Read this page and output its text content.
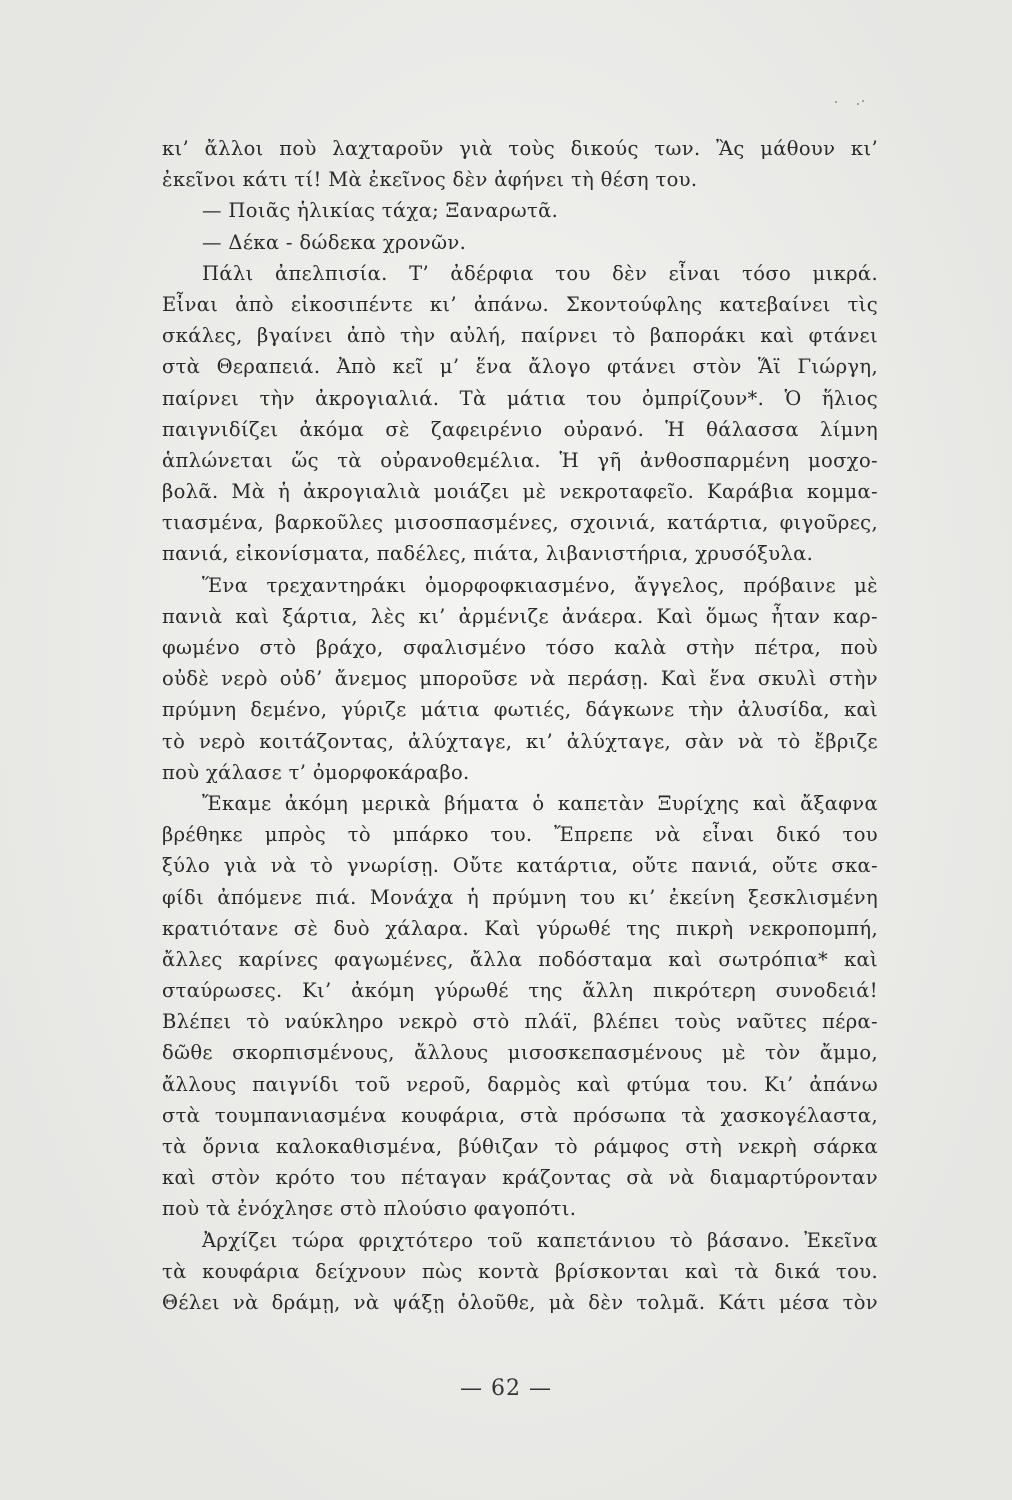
κι’ ἄλλοι ποὺ λαχταροῦν γιὰ τοὺς δικούς των. Ἂς μάθουν κι’
ἐκεῖνοι κάτι τί! Μὰ ἐκεῖνος δὲν ἀφήνει τὴ θέση του.
— Ποιᾶς ἡλικίας τάχα; Ξαναρωτᾶ.
— Δέκα - δώδεκα χρονῶν.
Πάλι ἀπελπισία. Τ’ ἀδέρφια του δὲν εἶναι τόσο μικρά.
Εἶναι ἀπὸ εἰκοσιπέντε κι’ ἀπάνω. Σκοντούφλης κατεβαίνει τὶς
σκάλες, βγαίνει ἀπὸ τὴν αὐλή, παίρνει τὸ βαποράκι καὶ φτάνει
στὰ Θεραπειά. Ἀπὸ κεῖ μ’ ἕνα ἄλογο φτάνει στὸν Ἅϊ Γιώργη,
παίρνει τὴν ἀκρογιαλιά. Τὰ μάτια του ὀμπρίζουν*. Ὁ ἥλιος
παιγνιδίζει ἀκόμα σὲ ζαφειρένιο οὐρανό. Ἡ θάλασσα λίμνη
ἁπλώνεται ὥς τὰ οὐρανοθεμέλια. Ἡ γῆ ἀνθοσπαρμένη μοσχο-
βολᾶ. Μὰ ἡ ἀκρογιαλιὰ μοιάζει μὲ νεκροταφεῖο. Καράβια κομμα-
τιασμένα, βαρκοῦλες μισοσπασμένες, σχοινιά, κατάρτια, φιγοῦρες,
πανιά, εἰκονίσματα, παδέλες, πιάτα, λιβανιστήρια, χρυσόξυλα.
Ἕνα τρεχαντηράκι ὀμορφοφκιασμένο, ἄγγελος, πρόβαινε μὲ
πανιὰ καὶ ξάρτια, λὲς κι’ ἀρμένιζε ἀνάερα. Καὶ ὅμως ἦταν καρ-
φωμένο στὸ βράχο, σφαλισμένο τόσο καλὰ στὴν πέτρα, ποὺ
οὐδὲ νερὸ οὐδ’ ἄνεμος μποροῦσε νὰ περάσῃ. Καὶ ἕνα σκυλὶ στὴν
πρύμνη δεμένο, γύριζε μάτια φωτιές, δάγκωνε τὴν ἀλυσίδα, καὶ
τὸ νερὸ κοιτάζοντας, ἀλύχταγε, κι’ ἀλύχταγε, σὰν νὰ τὸ ἔβριζε
ποὺ χάλασε τ’ ὀμορφοκάραβο.
Ἔκαμε ἀκόμη μερικὰ βήματα ὁ καπετὰν Ξυρίχης καὶ ἄξαφνα
βρέθηκε μπρὸς τὸ μπάρκο του. Ἔπρεπε νὰ εἶναι δικό του
ξύλο γιὰ νὰ τὸ γνωρίσῃ. Οὔτε κατάρτια, οὔτε πανιά, οὔτε σκα-
φίδι ἀπόμενε πιά. Μονάχα ἡ πρύμνη του κι’ ἐκείνη ξεσκλισμένη
κρατιότανε σὲ δυὸ χάλαρα. Καὶ γύρωθέ της πικρὴ νεκροπομπή,
ἄλλες καρίνες φαγωμένες, ἄλλα ποδόσταμα καὶ σωτρόπια* καὶ
σταύρωσες. Κι’ ἀκόμη γύρωθέ της ἄλλη πικρότερη συνοδειά!
Βλέπει τὸ ναύκληρο νεκρὸ στὸ πλάϊ, βλέπει τοὺς ναῦτες πέρα-
δῶθε σκορπισμένους, ἄλλους μισοσκεπασμένους μὲ τὸν ἄμμο,
ἄλλους παιγνίδι τοῦ νεροῦ, δαρμὸς καὶ φτύμα του. Κι’ ἀπάνω
στὰ τουμπανιασμένα κουφάρια, στὰ πρόσωπα τὰ χασκογέλαστα,
τὰ ὄρνια καλοκαθισμένα, βύθιζαν τὸ ράμφος στὴ νεκρὴ σάρκα
καὶ στὸν κρότο του πέταγαν κράζοντας σὰ νὰ διαμαρτύρονταν
ποὺ τὰ ἐνόχλησε στὸ πλούσιο φαγοπότι.
Ἀρχίζει τώρα φριχτότερο τοῦ καπετάνιου τὸ βάσανο. Ἐκεῖνα
τὰ κουφάρια δείχνουν πὼς κοντὰ βρίσκονται καὶ τὰ δικά του.
Θέλει νὰ δράμῃ, νὰ ψάξῃ ὁλοῦθε, μὰ δὲν τολμᾶ. Κάτι μέσα τὸν
— 62 —
